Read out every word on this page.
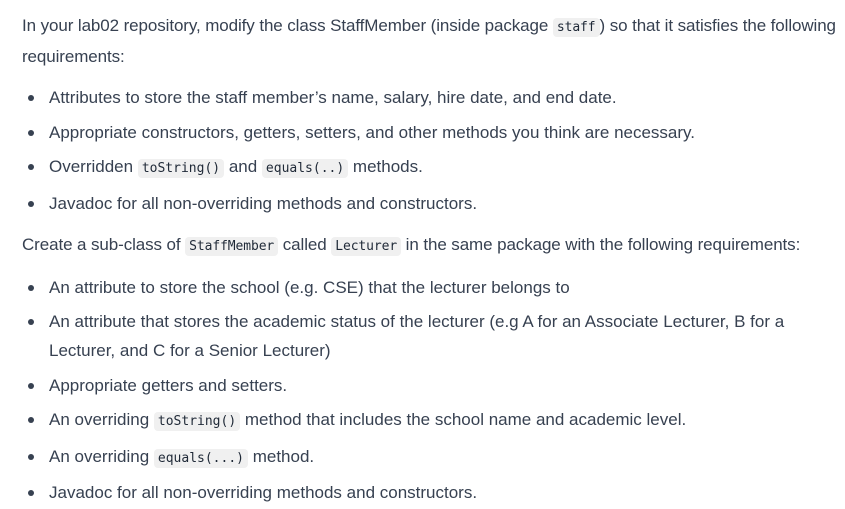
In your lab02 repository, modify the class StaffMember (inside package staff ) so that it satisfies the following requirements:

Attributes to store the staff member’s name, salary, hire date, and end date.
Appropriate constructors, getters, setters, and other methods you think are necessary.
Overridden toString() and equals(..) methods.
Javadoc for all non-overriding methods and constructors.

Create a sub-class of StaffMember called Lecturer in the same package with the following requirements:

An attribute to store the school (e.g. CSE) that the lecturer belongs to
An attribute that stores the academic status of the lecturer (e.g A for an Associate Lecturer, B for a Lecturer, and C for a Senior Lecturer)
Appropriate getters and setters.
An overriding toString() method that includes the school name and academic level.
An overriding equals(...) method.
Javadoc for all non-overriding methods and constructors.
